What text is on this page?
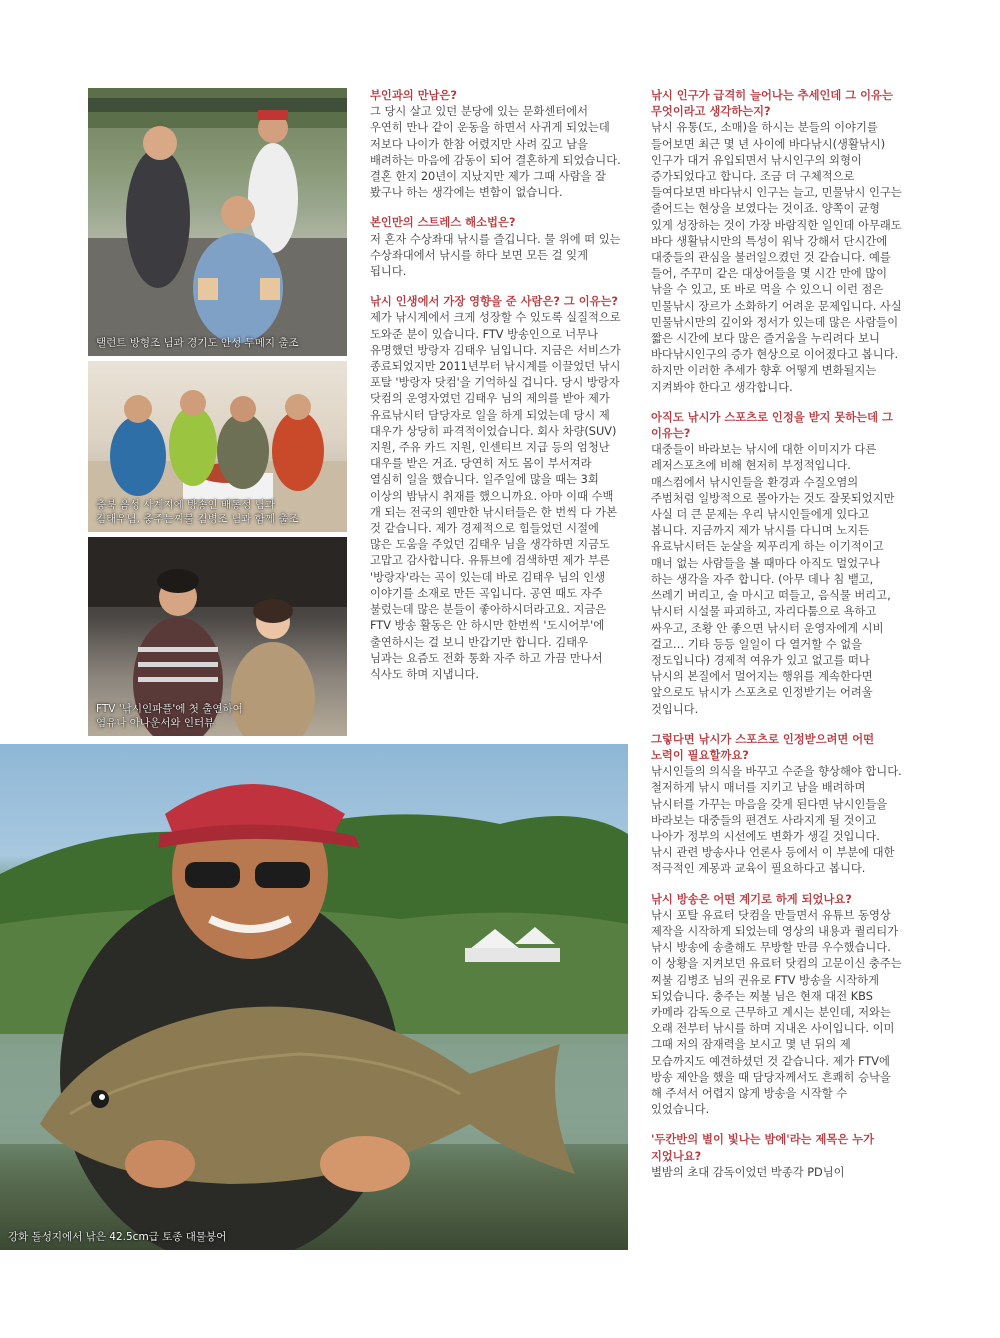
탤런트 방형조 님과 경기도 안성 두메지 출조
충북 음성 사계지에 방송인 배동성 님과
김태우님, 충주는찌불 김병조 님과 함께 출조
FTV '낚시인파플'에 첫 출연하여
염유나 아나운서와 인터뷰
강화 돌성지에서 낚은 42.5cm급 토종 대물붕어

부인과의 만남은?

그 당시 살고 있던 분당에 있는 문화센터에서
우연히 만나 같이 운동을 하면서 사귀게 되었는데
저보다 나이가 한참 어렸지만 사려 깊고 남을
배려하는 마음에 감동이 되어 결혼하게 되었습니다.
결혼 한지 20년이 지났지만 제가 그때 사람을 잘
봤구나 하는 생각에는 변함이 없습니다.

본인만의 스트레스 해소법은?

저 혼자 수상좌대 낚시를 즐깁니다. 물 위에 떠 있는
수상좌대에서 낚시를 하다 보면 모든 걸 잊게
됩니다.

낚시 인생에서 가장 영향을 준 사람은? 그 이유는?

제가 낚시계에서 크게 성장할 수 있도록 실질적으로
도와준 분이 있습니다. FTV 방송인으로 너무나
유명했던 방랑자 김태우 님입니다. 지금은 서비스가
종료되었지만 2011년부터 낚시계를 이끌었던 낚시
포탈 '방랑자 닷컴'을 기억하실 겁니다. 당시 방랑자
닷컴의 운영자였던 김태우 님의 제의를 받아 제가
유료낚시터 담당자로 일을 하게 되었는데 당시 제
대우가 상당히 파격적이었습니다. 회사 차량(SUV)
지원, 주유 카드 지원, 인센티브 지급 등의 엄청난
대우를 받은 거죠. 당연히 저도 몸이 부서져라
열심히 일을 했습니다. 일주일에 많을 때는 3회
이상의 밤낚시 취재를 했으니까요. 아마 이때 수백
개 되는 전국의 웬만한 낚시터들은 한 번씩 다 가본
것 같습니다. 제가 경제적으로 힘들었던 시절에
많은 도움을 주었던 김태우 님을 생각하면 지금도
고맙고 감사합니다. 유튜브에 검색하면 제가 부른
'방랑자'라는 곡이 있는데 바로 김태우 님의 인생
이야기를 소재로 만든 곡입니다. 공연 때도 자주
불렀는데 많은 분들이 좋아하시더라고요. 지금은
FTV 방송 활동은 안 하시만 한번씩 '도시어부'에
출연하시는 걸 보니 반갑기만 합니다. 김태우
님과는 요즘도 전화 통화 자주 하고 가끔 만나서
식사도 하며 지냅니다.

낚시 인구가 급격히 늘어나는 추세인데 그 이유는
무엇이라고 생각하는지?

낚시 유통(도, 소매)을 하시는 분들의 이야기를
들어보면 최근 몇 년 사이에 바다낚시(생활낚시)
인구가 대거 유입되면서 낚시인구의 외형이
증가되었다고 합니다. 조금 더 구체적으로
들여다보면 바다낚시 인구는 늘고, 민물낚시 인구는
줄어드는 현상을 보였다는 것이죠. 양쪽이 균형
있게 성장하는 것이 가장 바람직한 일인데 아무래도
바다 생활낚시만의 특성이 워낙 강해서 단시간에
대중들의 관심을 불러일으켰던 것 같습니다. 예를
들어, 주꾸미 같은 대상어들을 몇 시간 만에 많이
낚을 수 있고, 또 바로 먹을 수 있으니 이런 점은
민물낚시 장르가 소화하기 어려운 문제입니다. 사실
민물낚시만의 깊이와 정서가 있는데 많은 사람들이
짧은 시간에 보다 많은 즐거움을 누리려다 보니
바다낚시인구의 증가 현상으로 이어졌다고 봅니다.
하지만 이러한 추세가 향후 어떻게 변화될지는
지켜봐야 한다고 생각합니다.

아직도 낚시가 스포츠로 인정을 받지 못하는데 그
이유는?

대중들이 바라보는 낚시에 대한 이미지가 다른
레저스포츠에 비해 현저히 부정적입니다.
매스컴에서 낚시인들을 환경과 수질오염의
주범처럼 일방적으로 몰아가는 것도 잘못되었지만
사실 더 큰 문제는 우리 낚시인들에게 있다고
봅니다. 지금까지 제가 낚시를 다니며 노지든
유료낚시터든 눈살을 찌푸리게 하는 이기적이고
매너 없는 사람들을 볼 때마다 아직도 멀었구나
하는 생각을 자주 합니다. (아무 데나 침 뱉고,
쓰레기 버리고, 술 마시고 떠들고, 음식물 버리고,
낚시터 시설물 파괴하고, 자리다툼으로 욕하고
싸우고, 조황 안 좋으면 낚시터 운영자에게 시비
걸고… 기타 등등 일일이 다 열거할 수 없을
정도입니다) 경제적 여유가 있고 없고를 떠나
낚시의 본질에서 멀어지는 행위를 계속한다면
앞으로도 낚시가 스포츠로 인정받기는 어려울
것입니다.

그렇다면 낚시가 스포츠로 인정받으려면 어떤
노력이 필요할까요?

낚시인들의 의식을 바꾸고 수준을 향상해야 합니다.
철저하게 낚시 매너를 지키고 남을 배려하며
낚시터를 가꾸는 마음을 갖게 된다면 낚시인들을
바라보는 대중들의 편견도 사라지게 될 것이고
나아가 정부의 시선에도 변화가 생길 것입니다.
낚시 관련 방송사나 언론사 등에서 이 부분에 대한
적극적인 계몽과 교육이 필요하다고 봅니다.

낚시 방송은 어떤 계기로 하게 되었나요?

낚시 포탈 유료터 닷컴을 만들면서 유튜브 동영상
제작을 시작하게 되었는데 영상의 내용과 퀄리티가
낚시 방송에 송출해도 무방할 만큼 우수했습니다.
이 상황을 지켜보던 유료터 닷컴의 고문이신 충주는
찌불 김병조 님의 권유로 FTV 방송을 시작하게
되었습니다. 충주는 찌불 님은 현재 대전 KBS
카메라 감독으로 근무하고 계시는 분인데, 저와는
오래 전부터 낚시를 하며 지내온 사이입니다. 이미
그때 저의 잠재력을 보시고 몇 년 뒤의 제
모습까지도 예견하셨던 것 같습니다. 제가 FTV에
방송 제안을 했을 때 담당자께서도 흔쾌히 승낙을
해 주셔서 어렵지 않게 방송을 시작할 수
있었습니다.

'두칸반의 별이 빛나는 밤에'라는 제목은 누가
지었나요?

별밤의 초대 감독이었던 박종각 PD님이
